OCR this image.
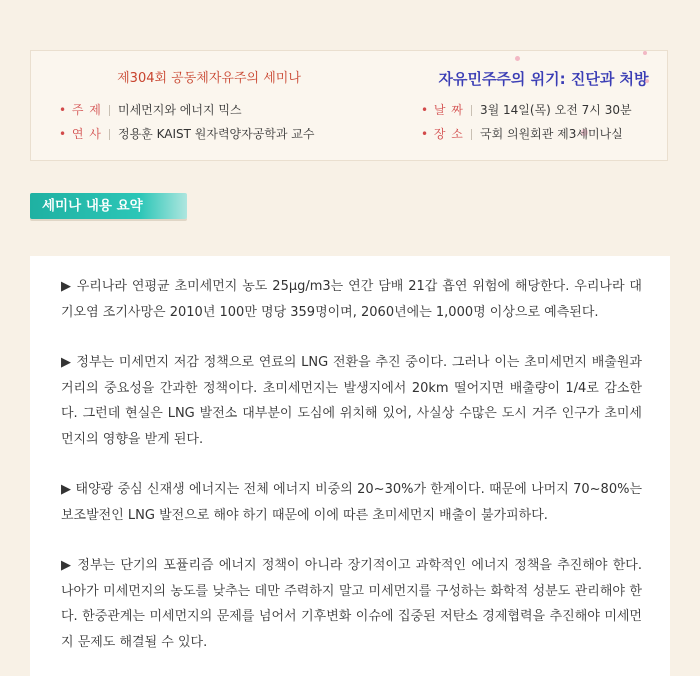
제304회 공동체자유주의 세미나
• 주 제 미세먼지와 에너지 믹스
• 연 사 정용훈 KAIST 원자력양자공학과 교수
자유민주주의 위기: 진단과 처방
• 날 짜 3월 14일(목) 오전 7시 30분
• 장 소 국회 의원회관 제3세미나실
세미나 내용 요약

▶ 우리나라 연평균 초미세먼지 농도 25μg/m3는 연간 담배 21갑 흡연 위험에 해당한다. 우리나라 대기오염 조기사망은 2010년 100만 명당 359명이며, 2060년에는 1,000명 이상으로 예측된다.

▶ 정부는 미세먼지 저감 정책으로 연료의 LNG 전환을 추진 중이다. 그러나 이는 초미세먼지 배출원과 거리의 중요성을 간과한 정책이다. 초미세먼지는 발생지에서 20km 떨어지면 배출량이 1/4로 감소한다. 그런데 현실은 LNG 발전소 대부분이 도심에 위치해 있어, 사실상 수많은 도시 거주 인구가 초미세먼지의 영향을 받게 된다.

▶ 태양광 중심 신재생 에너지는 전체 에너지 비중의 20~30%가 한계이다. 때문에 나머지 70~80%는 보조발전인 LNG 발전으로 해야 하기 때문에 이에 따른 초미세먼지 배출이 불가피하다.

▶ 정부는 단기의 포퓰리즘 에너지 정책이 아니라 장기적이고 과학적인 에너지 정책을 추진해야 한다. 나아가 미세먼지의 농도를 낮추는 데만 주력하지 말고 미세먼지를 구성하는 화학적 성분도 관리해야 한다. 한중관계는 미세먼지의 문제를 넘어서 기후변화 이슈에 집중된 저탄소 경제협력을 추진해야 미세먼지 문제도 해결될 수 있다.
